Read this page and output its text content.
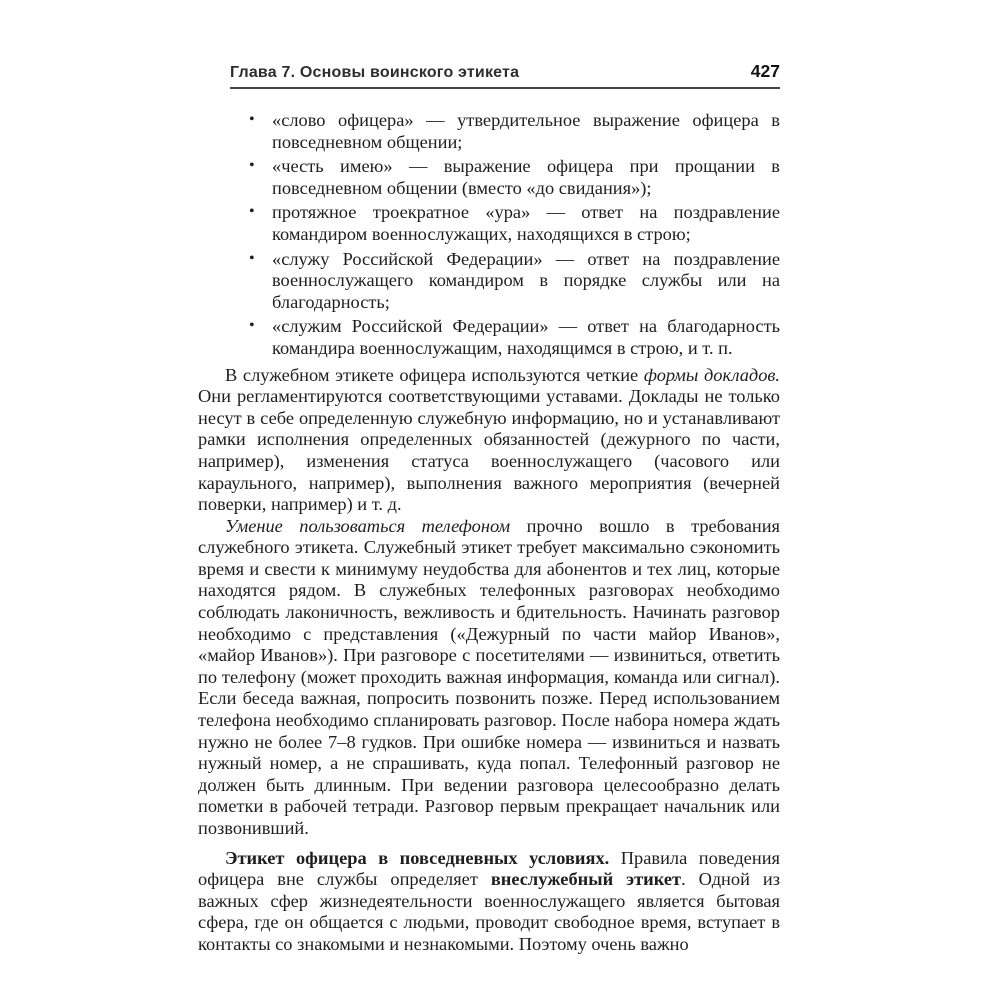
Глава 7. Основы воинского этикета	427
• «слово офицера» — утвердительное выражение офицера в повседневном общении;
• «честь имею» — выражение офицера при прощании в повседневном общении (вместо «до свидания»);
• протяжное троекратное «ура» — ответ на поздравление командиром военнослужащих, находящихся в строю;
• «служу Российской Федерации» — ответ на поздравление военнослужащего командиром в порядке службы или на благодарность;
• «служим Российской Федерации» — ответ на благодарность командира военнослужащим, находящимся в строю, и т. п.

В служебном этикете офицера используются четкие формы докладов. Они регламентируются соответствующими уставами. Доклады не только несут в себе определенную служебную информацию, но и устанавливают рамки исполнения определенных обязанностей (дежурного по части, например), изменения статуса военнослужащего (часового или караульного, например), выполнения важного мероприятия (вечерней поверки, например) и т. д.

Умение пользоваться телефоном прочно вошло в требования служебного этикета. Служебный этикет требует максимально сэкономить время и свести к минимуму неудобства для абонентов и тех лиц, которые находятся рядом. В служебных телефонных разговорах необходимо соблюдать лаконичность, вежливость и бдительность. Начинать разговор необходимо с представления («Дежурный по части майор Иванов», «майор Иванов»). При разговоре с посетителями — извиниться, ответить по телефону (может проходить важная информация, команда или сигнал). Если беседа важная, попросить позвонить позже. Перед использованием телефона необходимо спланировать разговор. После набора номера ждать нужно не более 7–8 гудков. При ошибке номера — извиниться и назвать нужный номер, а не спрашивать, куда попал. Телефонный разговор не должен быть длинным. При ведении разговора целесообразно делать пометки в рабочей тетради. Разговор первым прекращает начальник или позвонивший.

Этикет офицера в повседневных условиях. Правила поведения офицера вне службы определяет внеслужебный этикет. Одной из важных сфер жизнедеятельности военнослужащего является бытовая сфера, где он общается с людьми, проводит свободное время, вступает в контакты со знакомыми и незнакомыми. Поэтому очень важно
